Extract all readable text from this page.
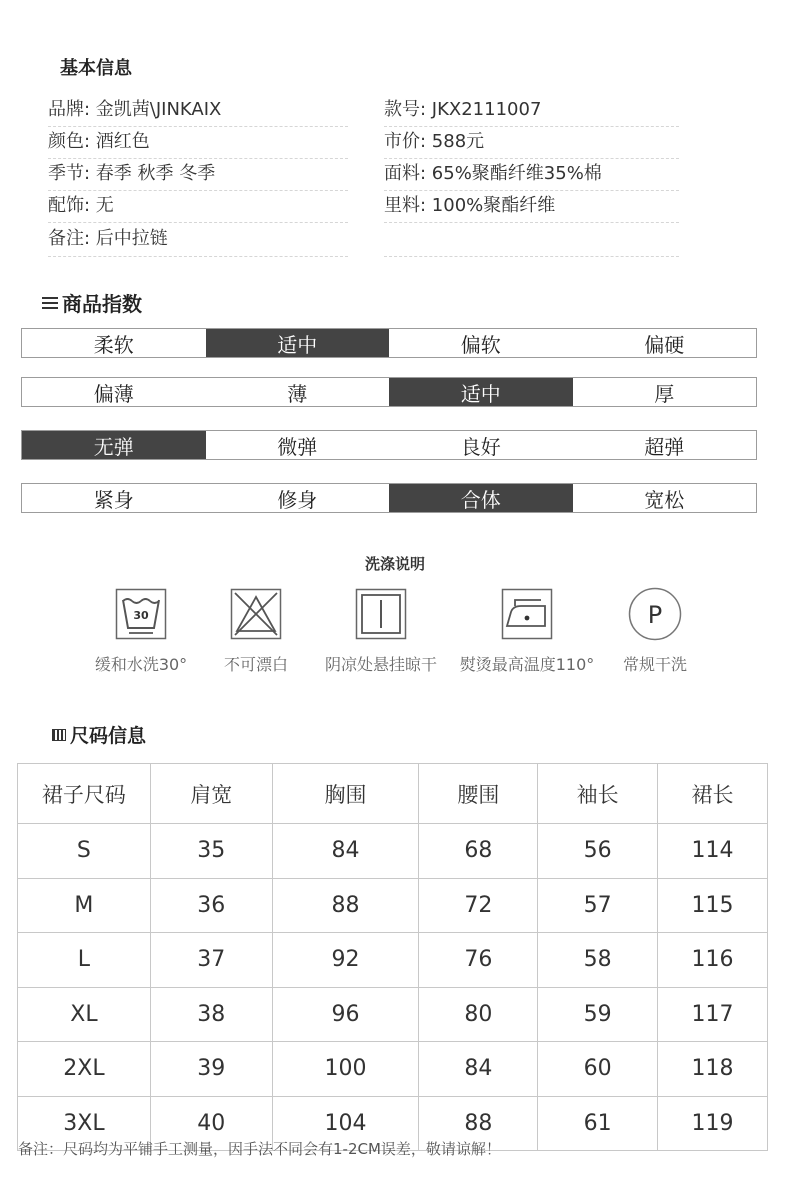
基本信息
品牌: 金凯茜\JINKAIX	款号: JKX2111007
颜色: 酒红色	市价: 588元
季节: 春季 秋季 冬季	面料: 65%聚酯纤维35%棉
配饰: 无	里料: 100%聚酯纤维
备注: 后中拉链
商品指数
柔软	适中	偏软	偏硬
偏薄	薄	适中	厚
无弹	微弹	良好	超弹
紧身	修身	合体	宽松
洗涤说明
30
缓和水洗30° 不可漂白 阴凉处悬挂晾干 熨烫最高温度110°
P
常规干洗
尺码信息
裙子尺码	肩宽	胸围	腰围	袖长	裙长
S	35	84	68	56	114
M	36	88	72	57	115
L	37	92	76	58	116
XL	38	96	80	59	117
2XL	39	100	84	60	118
3XL	40	104	88	61	119
备注：尺码均为平铺手工测量，因手法不同会有1-2CM误差，敬请谅解！
